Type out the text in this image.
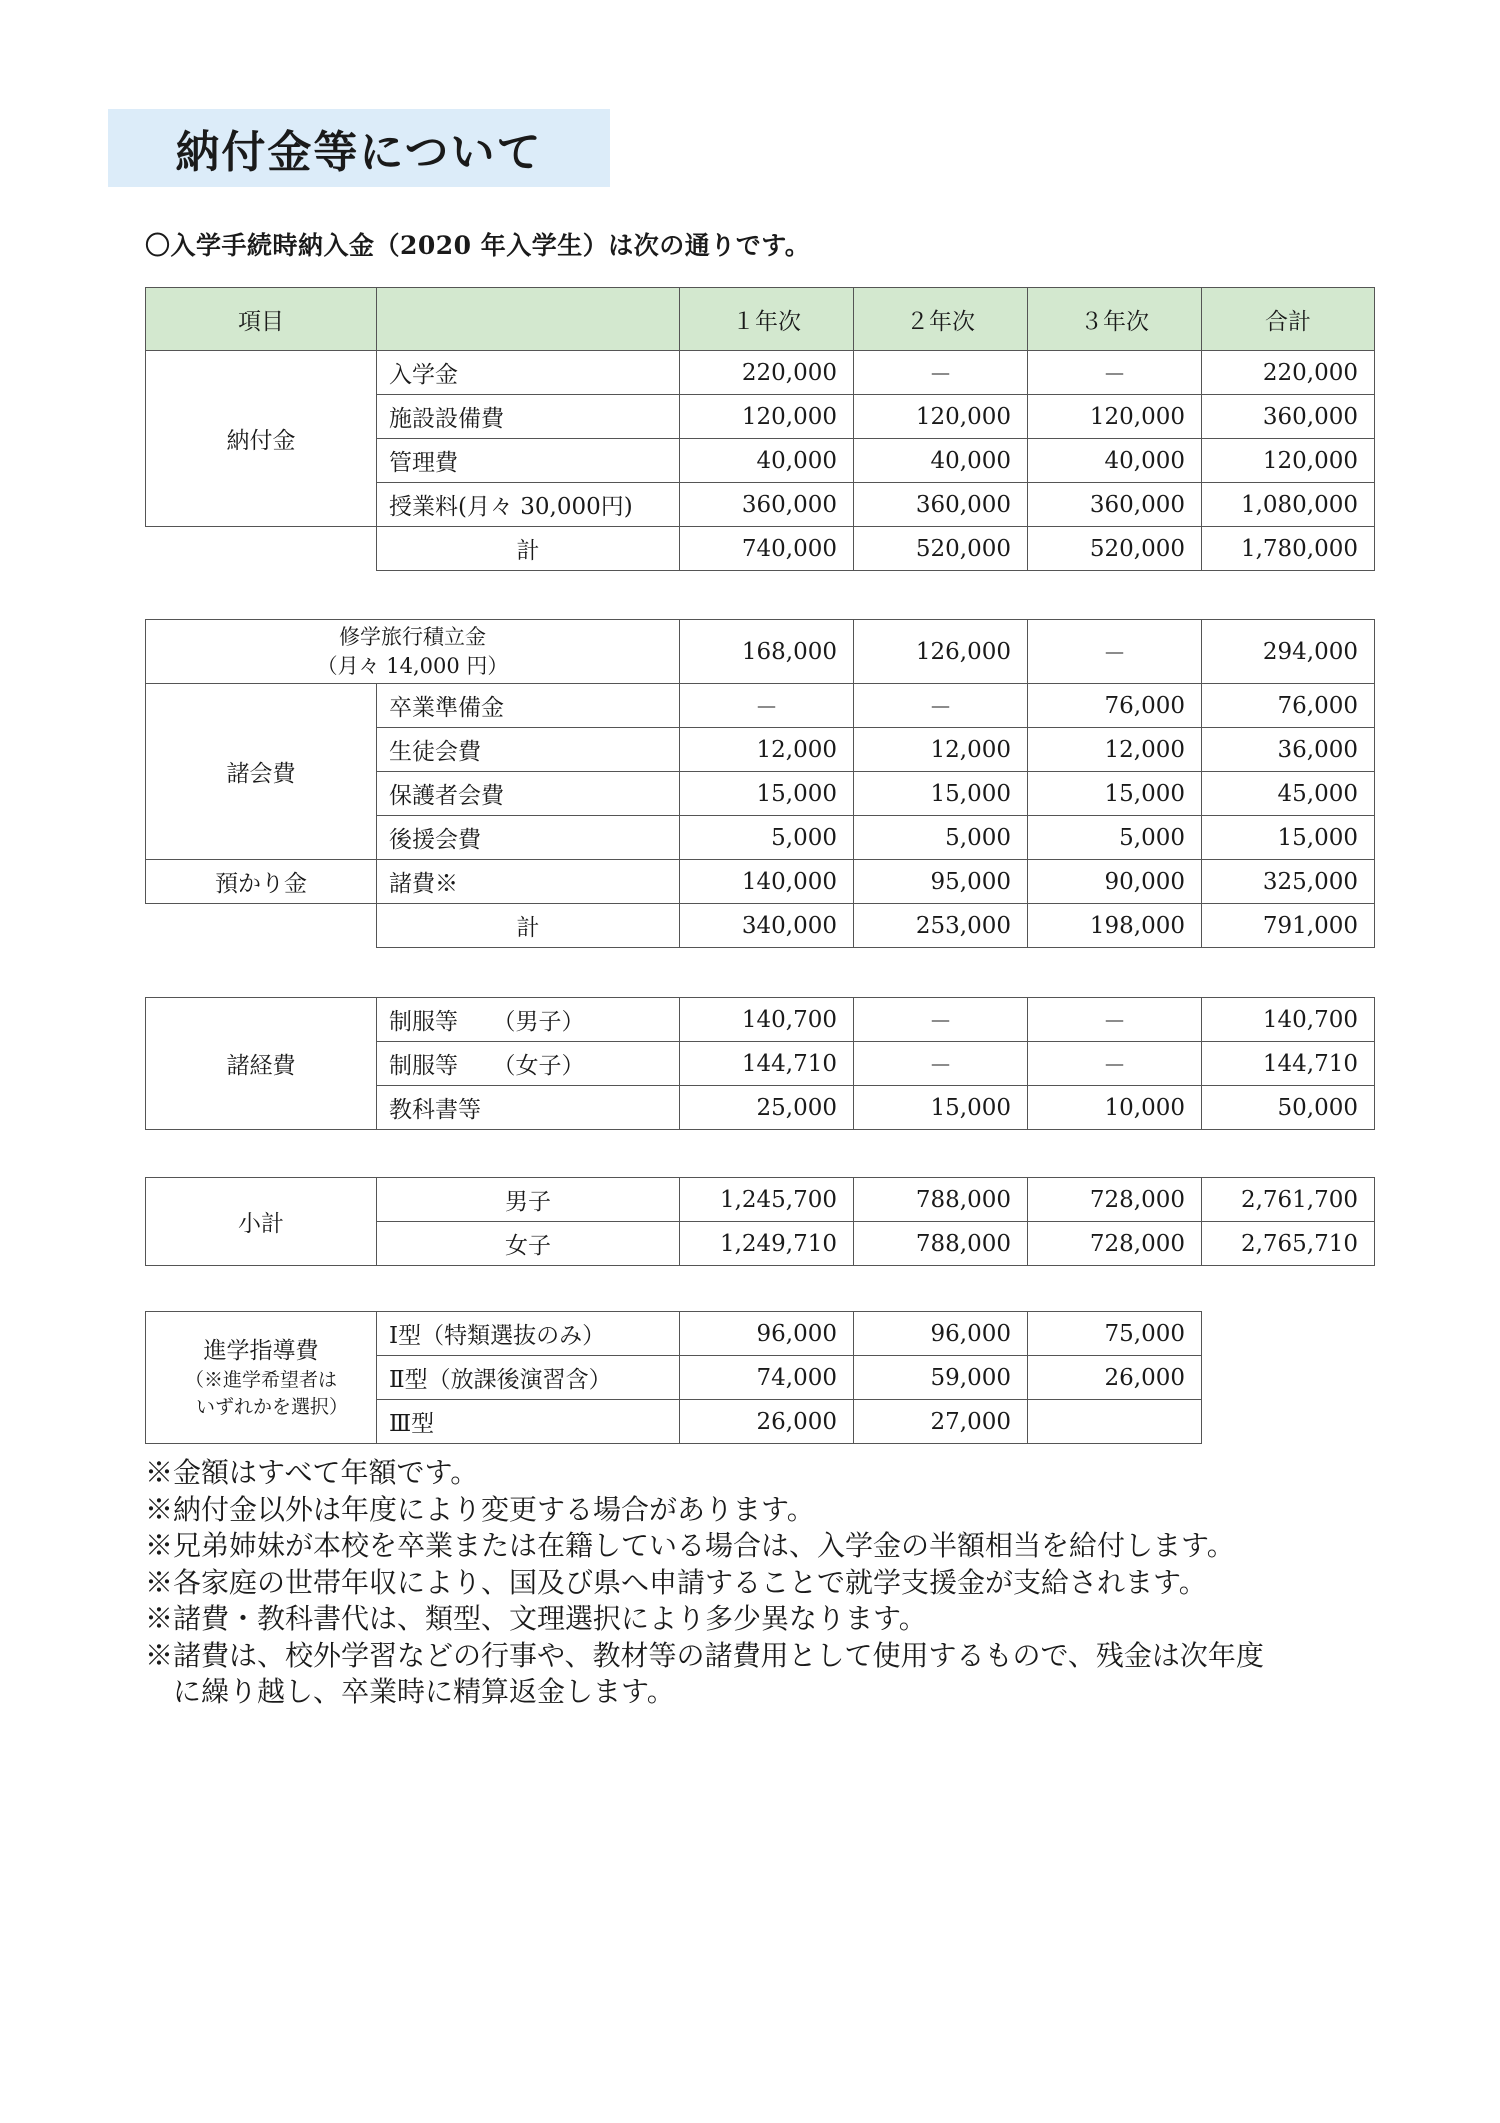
納付金等について
〇入学手続時納入金（2020 年入学生）は次の通りです。
項目		１年次	２年次	３年次	合計
納付金	入学金	220,000	－	－	220,000
	施設設備費	120,000	120,000	120,000	360,000
	管理費	40,000	40,000	40,000	120,000
	授業料(月々 30,000円)	360,000	360,000	360,000	1,080,000
	計	740,000	520,000	520,000	1,780,000
修学旅行積立金
（月々 14,000 円）		168,000	126,000	－	294,000
諸会費	卒業準備金	－	－	76,000	76,000
	生徒会費	12,000	12,000	12,000	36,000
	保護者会費	15,000	15,000	15,000	45,000
	後援会費	5,000	5,000	5,000	15,000
預かり金	諸費※	140,000	95,000	90,000	325,000
	計	340,000	253,000	198,000	791,000
諸経費	制服等　　（男子）	140,700	－	－	140,700
	制服等　　（女子）	144,710	－	－	144,710
	教科書等	25,000	15,000	10,000	50,000
小計	男子	1,245,700	788,000	728,000	2,761,700
	女子	1,249,710	788,000	728,000	2,765,710
進学指導費
（※進学希望者は
いずれかを選択）	Ⅰ型（特類選抜のみ）	96,000	96,000	75,000
	Ⅱ型（放課後演習含）	74,000	59,000	26,000
	Ⅲ型	26,000	27,000	

※金額はすべて年額です。

※納付金以外は年度により変更する場合があります。

※兄弟姉妹が本校を卒業または在籍している場合は、入学金の半額相当を給付します。

※各家庭の世帯年収により、国及び県へ申請することで就学支援金が支給されます。

※諸費・教科書代は、類型、文理選択により多少異なります。

※諸費は、校外学習などの行事や、教材等の諸費用として使用するもので、残金は次年度

に繰り越し、卒業時に精算返金します。
